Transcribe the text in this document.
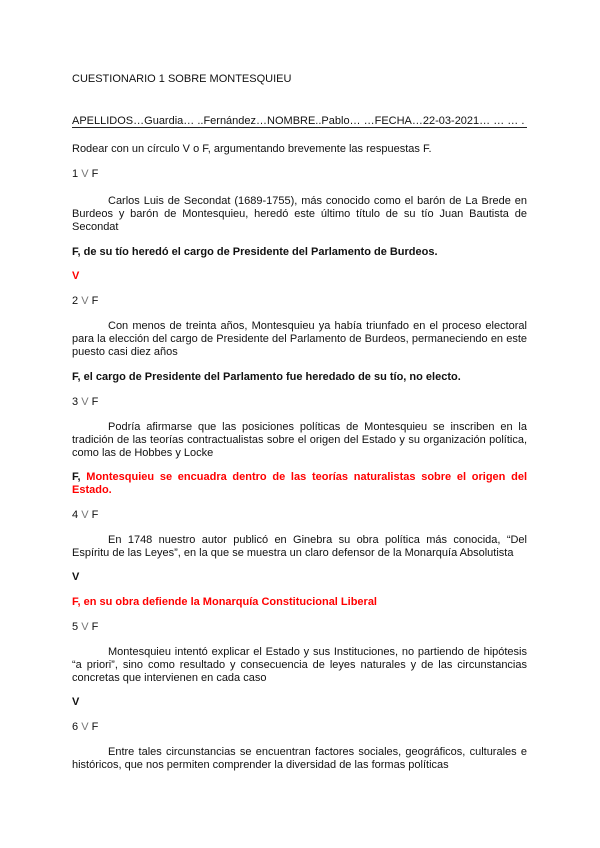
CUESTIONARIO 1 SOBRE MONTESQUIEU
APELLIDOS…Guardia… ..Fernández…NOMBRE..Pablo… …FECHA…22-03-2021… … … .
Rodear con un círculo V o F, argumentando brevemente las respuestas F.
1 V F
Carlos Luis de Secondat (1689-1755), más conocido como el barón de La Brede en Burdeos y barón de Montesquieu, heredó este último título de su tío Juan Bautista de Secondat
F, de su tío heredó el cargo de Presidente del Parlamento de Burdeos.
V
2 V F
Con menos de treinta años, Montesquieu ya había triunfado en el proceso electoral para la elección del cargo de Presidente del Parlamento de Burdeos, permaneciendo en este puesto casi diez años
F, el cargo de Presidente del Parlamento fue heredado de su tío, no electo.
3 V F
Podría afirmarse que las posiciones políticas de Montesquieu se inscriben en la tradición de las teorías contractualistas sobre el origen del Estado y su organización política, como las de Hobbes y Locke
F, Montesquieu se encuadra dentro de las teorías naturalistas sobre el origen del Estado.
4 V F
En 1748 nuestro autor publicó en Ginebra su obra política más conocida, “Del Espíritu de las Leyes”, en la que se muestra un claro defensor de la Monarquía Absolutista
V
F, en su obra defiende la Monarquía Constitucional Liberal
5 V F
Montesquieu intentó explicar el Estado y sus Instituciones, no partiendo de hipótesis “a priori”, sino como resultado y consecuencia de leyes naturales y de las circunstancias concretas que intervienen en cada caso
V
6 V F
Entre tales circunstancias se encuentran factores sociales, geográficos, culturales e históricos, que nos permiten comprender la diversidad de las formas políticas
